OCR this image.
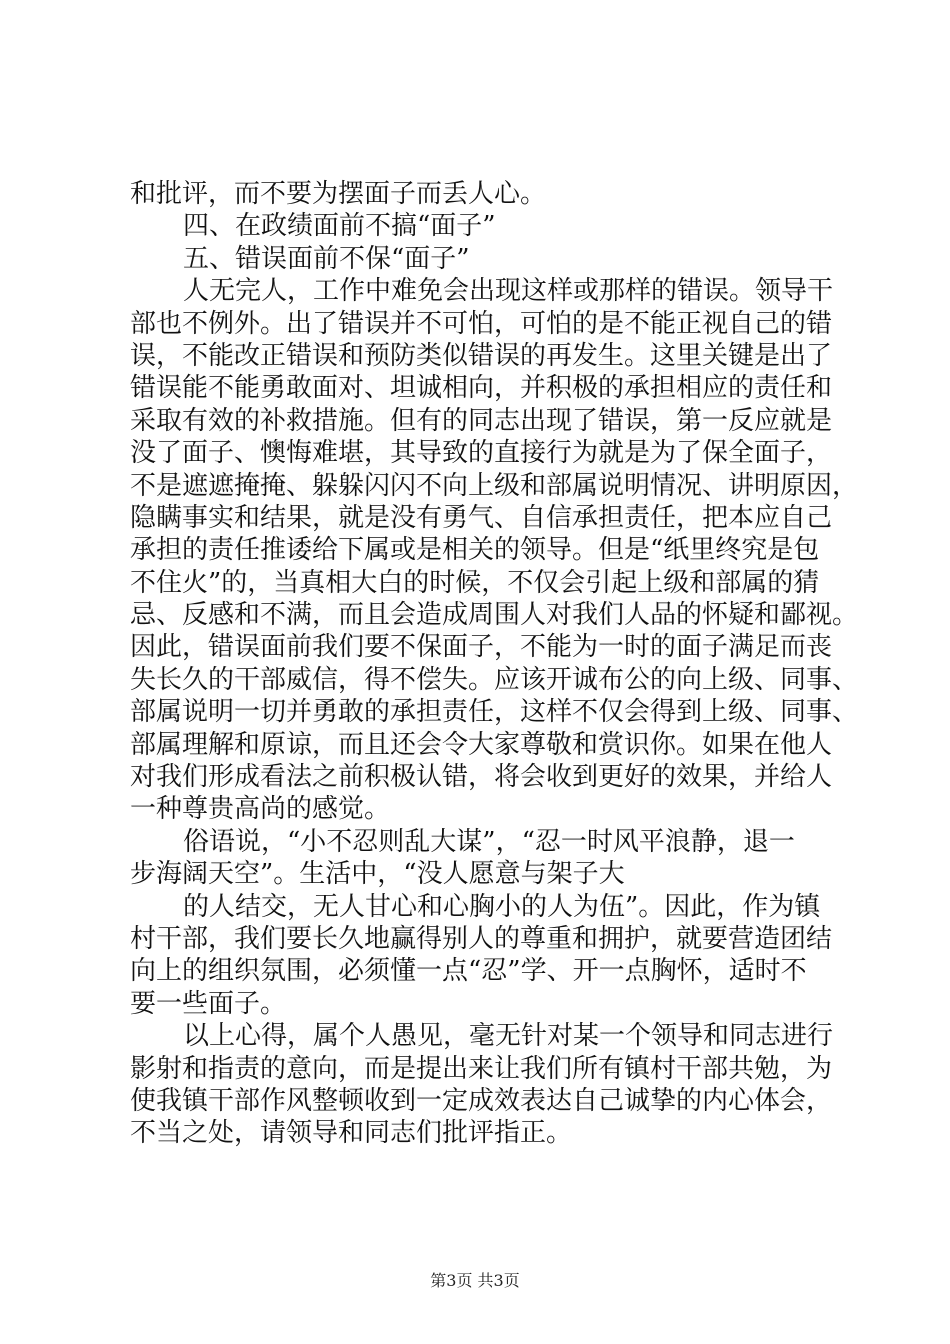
和批评，而不要为摆面子而丢人心。
四、在政绩面前不搞“面子”
五、错误面前不保“面子”
人无完人，工作中难免会出现这样或那样的错误。领导干
部也不例外。出了错误并不可怕，可怕的是不能正视自己的错
误，不能改正错误和预防类似错误的再发生。这里关键是出了
错误能不能勇敢面对、坦诚相向，并积极的承担相应的责任和
采取有效的补救措施。但有的同志出现了错误，第一反应就是
没了面子、懊悔难堪，其导致的直接行为就是为了保全面子，
不是遮遮掩掩、躲躲闪闪不向上级和部属说明情况、讲明原因，
隐瞒事实和结果，就是没有勇气、自信承担责任，把本应自己
承担的责任推诿给下属或是相关的领导。但是“纸里终究是包
不住火”的，当真相大白的时候，不仅会引起上级和部属的猜
忌、反感和不满，而且会造成周围人对我们人品的怀疑和鄙视。
因此，错误面前我们要不保面子，不能为一时的面子满足而丧
失长久的干部威信，得不偿失。应该开诚布公的向上级、同事、
部属说明一切并勇敢的承担责任，这样不仅会得到上级、同事、
部属理解和原谅，而且还会令大家尊敬和赏识你。如果在他人
对我们形成看法之前积极认错，将会收到更好的效果，并给人
一种尊贵高尚的感觉。
俗语说，“小不忍则乱大谋”，“忍一时风平浪静，退一
步海阔天空”。生活中，“没人愿意与架子大
的人结交，无人甘心和心胸小的人为伍”。因此，作为镇
村干部，我们要长久地赢得别人的尊重和拥护，就要营造团结
向上的组织氛围，必须懂一点“忍”学、开一点胸怀，适时不
要一些面子。
以上心得，属个人愚见，毫无针对某一个领导和同志进行
影射和指责的意向，而是提出来让我们所有镇村干部共勉，为
使我镇干部作风整顿收到一定成效表达自己诚挚的内心体会，
不当之处，请领导和同志们批评指正。
第3页 共3页
